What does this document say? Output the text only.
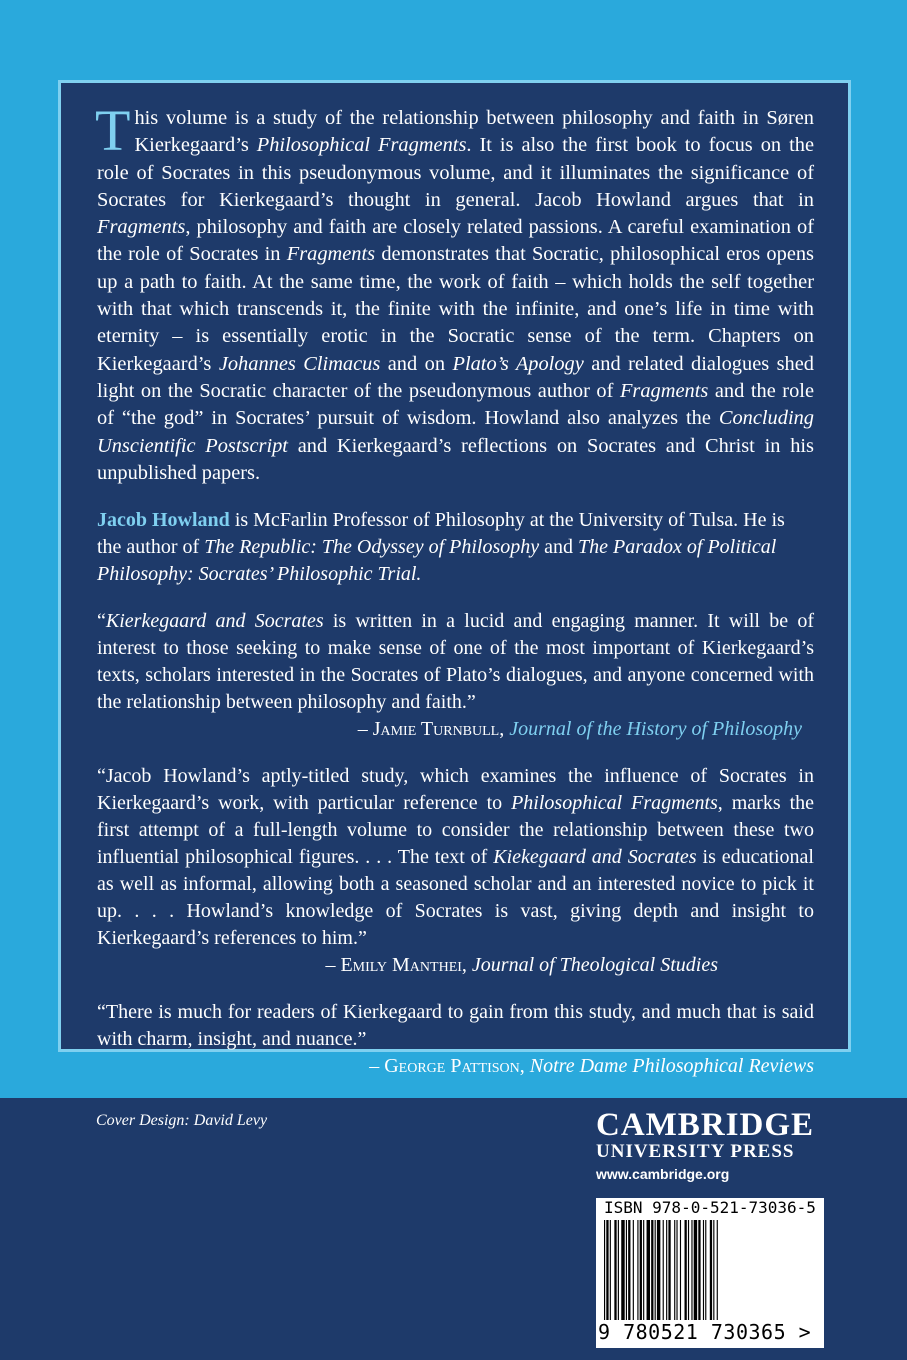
This volume is a study of the relationship between philosophy and faith in Søren Kierkegaard’s Philosophical Fragments. It is also the first book to focus on the role of Socrates in this pseudonymous volume, and it illuminates the significance of Socrates for Kierkegaard’s thought in general. Jacob Howland argues that in Fragments, philosophy and faith are closely related passions. A careful examination of the role of Socrates in Fragments demonstrates that Socratic, philosophical eros opens up a path to faith. At the same time, the work of faith – which holds the self together with that which transcends it, the finite with the infinite, and one’s life in time with eternity – is essentially erotic in the Socratic sense of the term. Chapters on Kierkegaard’s Johannes Climacus and on Plato’s Apology and related dialogues shed light on the Socratic character of the pseudonymous author of Fragments and the role of “the god” in Socrates’ pursuit of wisdom. Howland also analyzes the Concluding Unscientific Postscript and Kierkegaard’s reflections on Socrates and Christ in his unpublished papers.

Jacob Howland is McFarlin Professor of Philosophy at the University of Tulsa. He is the author of The Republic: The Odyssey of Philosophy and The Paradox of Political Philosophy: Socrates’ Philosophic Trial.

“Kierkegaard and Socrates is written in a lucid and engaging manner. It will be of interest to those seeking to make sense of one of the most important of Kierkegaard’s texts, scholars interested in the Socrates of Plato’s dialogues, and anyone concerned with the relationship between philosophy and faith.”

– Jamie Turnbull, Journal of the History of Philosophy

“Jacob Howland’s aptly-titled study, which examines the influence of Socrates in Kierkegaard’s work, with particular reference to Philosophical Fragments, marks the first attempt of a full-length volume to consider the relationship between these two influential philosophical figures. . . . The text of Kiekegaard and Socrates is educational as well as informal, allowing both a seasoned scholar and an interested novice to pick it up. . . . Howland’s knowledge of Socrates is vast, giving depth and insight to Kierkegaard’s references to him.”

– Emily Manthei, Journal of Theological Studies

“There is much for readers of Kierkegaard to gain from this study, and much that is said with charm, insight, and nuance.”

– George Pattison, Notre Dame Philosophical Reviews

Cover Design: David Levy	CAMBRIDGE
UNIVERSITY PRESS
www.cambridge.org
ISBN 978-0-521-73036-5
9 780521 730365 >
